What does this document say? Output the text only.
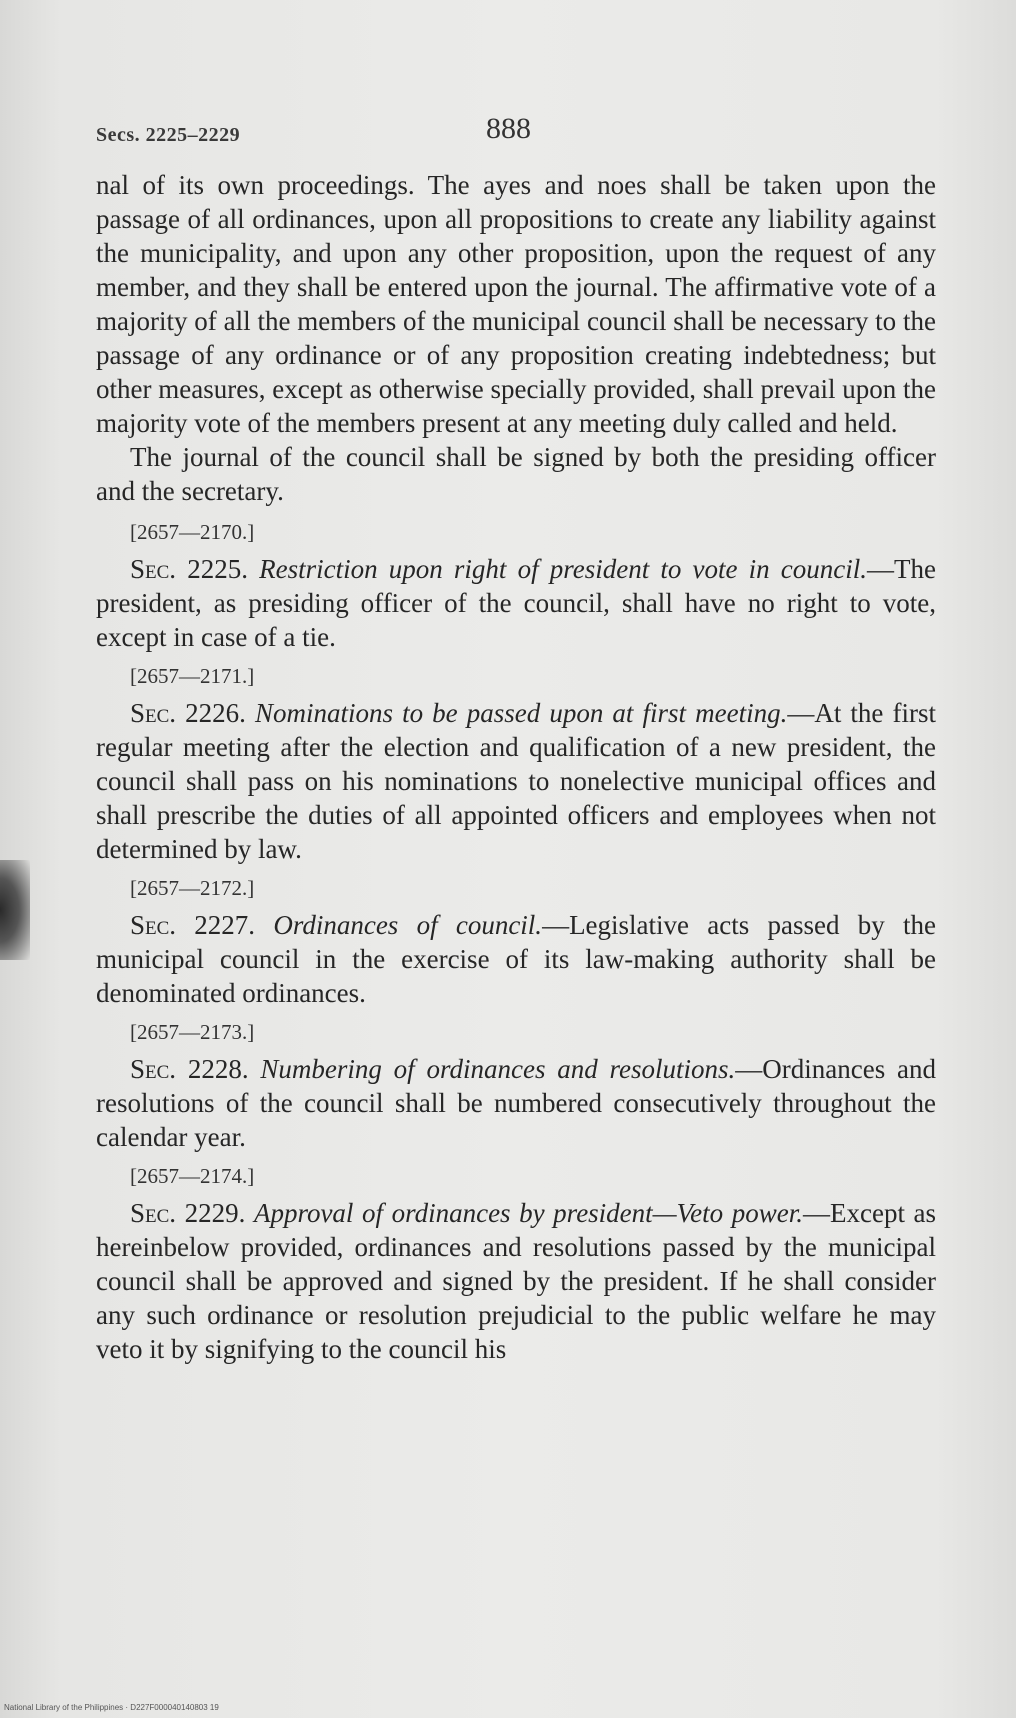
Secs. 2225–2229	888

nal of its own proceedings. The ayes and noes shall be taken upon the passage of all ordinances, upon all propositions to create any liability against the municipality, and upon any other proposition, upon the request of any member, and they shall be entered upon the journal. The affirmative vote of a majority of all the members of the municipal council shall be necessary to the passage of any ordinance or of any proposition creating indebtedness; but other measures, except as otherwise specially provided, shall prevail upon the majority vote of the members present at any meeting duly called and held.

The journal of the council shall be signed by both the presiding officer and the secretary.

[2657—2170.]

Sec. 2225. Restriction upon right of president to vote in council.—The president, as presiding officer of the council, shall have no right to vote, except in case of a tie.

[2657—2171.]

Sec. 2226. Nominations to be passed upon at first meeting.—At the first regular meeting after the election and qualification of a new president, the council shall pass on his nominations to nonelective municipal offices and shall prescribe the duties of all appointed officers and employees when not determined by law.

[2657—2172.]

Sec. 2227. Ordinances of council.—Legislative acts passed by the municipal council in the exercise of its law-making authority shall be denominated ordinances.

[2657—2173.]

Sec. 2228. Numbering of ordinances and resolutions.—Ordinances and resolutions of the council shall be numbered consecutively throughout the calendar year.

[2657—2174.]

Sec. 2229. Approval of ordinances by president—Veto power.—Except as hereinbelow provided, ordinances and resolutions passed by the municipal council shall be approved and signed by the president. If he shall consider any such ordinance or resolution prejudicial to the public welfare he may veto it by signifying to the council his

National Library of the Philippines · D227F000040140803 19
